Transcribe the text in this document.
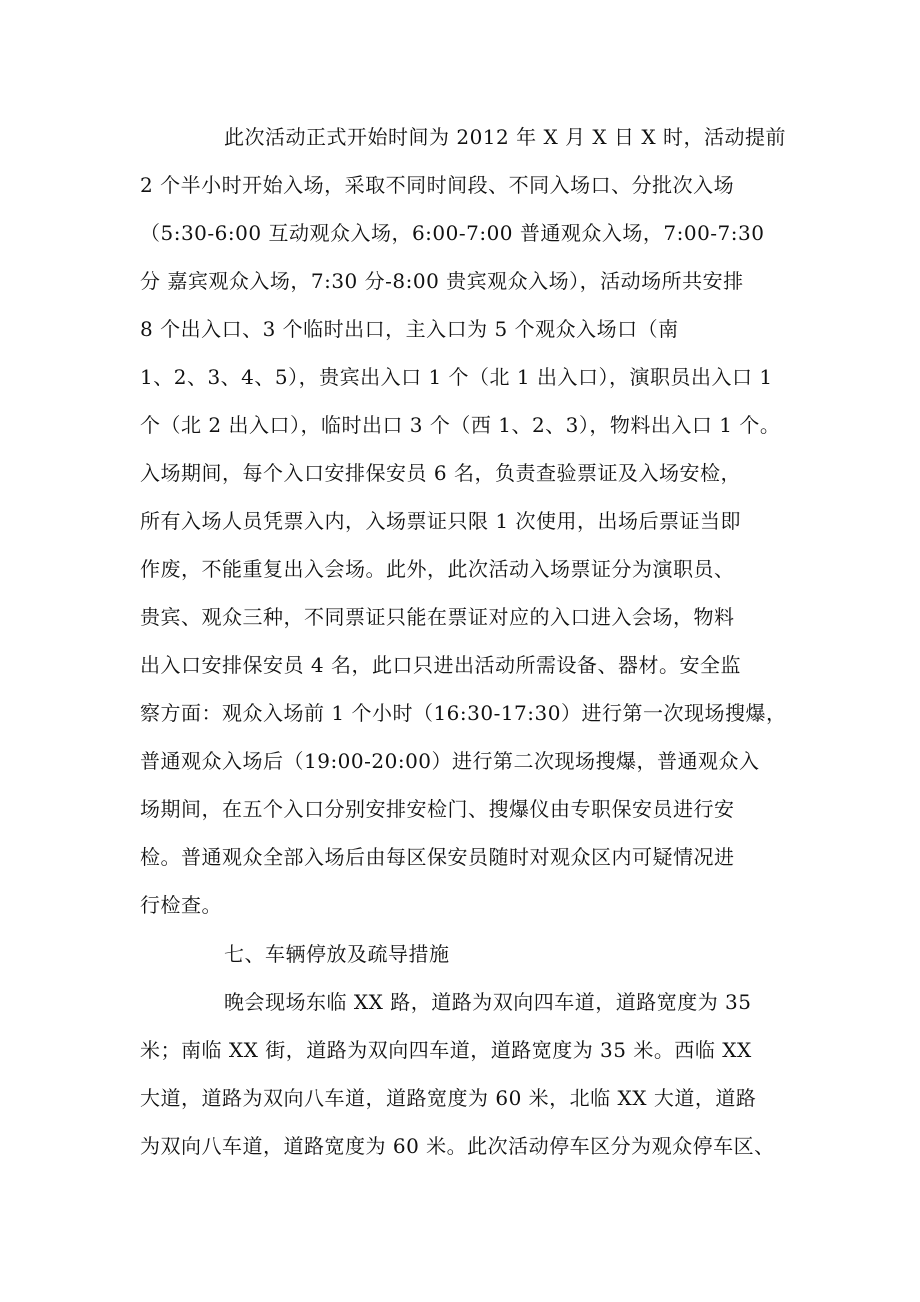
此次活动正式开始时间为 2012 年 X 月 X 日 X 时，活动提前
2 个半小时开始入场，采取不同时间段、不同入场口、分批次入场
（5:30-6:00 互动观众入场，6:00-7:00 普通观众入场，7:00-7:30
分 嘉宾观众入场，7:30 分-8:00 贵宾观众入场），活动场所共安排
8 个出入口、3 个临时出口，主入口为 5 个观众入场口（南
1、2、3、4、5），贵宾出入口 1 个（北 1 出入口），演职员出入口 1
个（北 2 出入口），临时出口 3 个（西 1、2、3），物料出入口 1 个。
入场期间，每个入口安排保安员 6 名，负责查验票证及入场安检，
所有入场人员凭票入内，入场票证只限 1 次使用，出场后票证当即
作废，不能重复出入会场。此外，此次活动入场票证分为演职员、
贵宾、观众三种，不同票证只能在票证对应的入口进入会场，物料
出入口安排保安员 4 名，此口只进出活动所需设备、器材。安全监
察方面：观众入场前 1 个小时（16:30-17:30）进行第一次现场搜爆，
普通观众入场后（19:00-20:00）进行第二次现场搜爆，普通观众入
场期间，在五个入口分别安排安检门、搜爆仪由专职保安员进行安
检。普通观众全部入场后由每区保安员随时对观众区内可疑情况进
行检查。
七、车辆停放及疏导措施
晚会现场东临 XX 路，道路为双向四车道，道路宽度为 35
米；南临 XX 街，道路为双向四车道，道路宽度为 35 米。西临 XX
大道，道路为双向八车道，道路宽度为 60 米，北临 XX 大道，道路
为双向八车道，道路宽度为 60 米。此次活动停车区分为观众停车区、
